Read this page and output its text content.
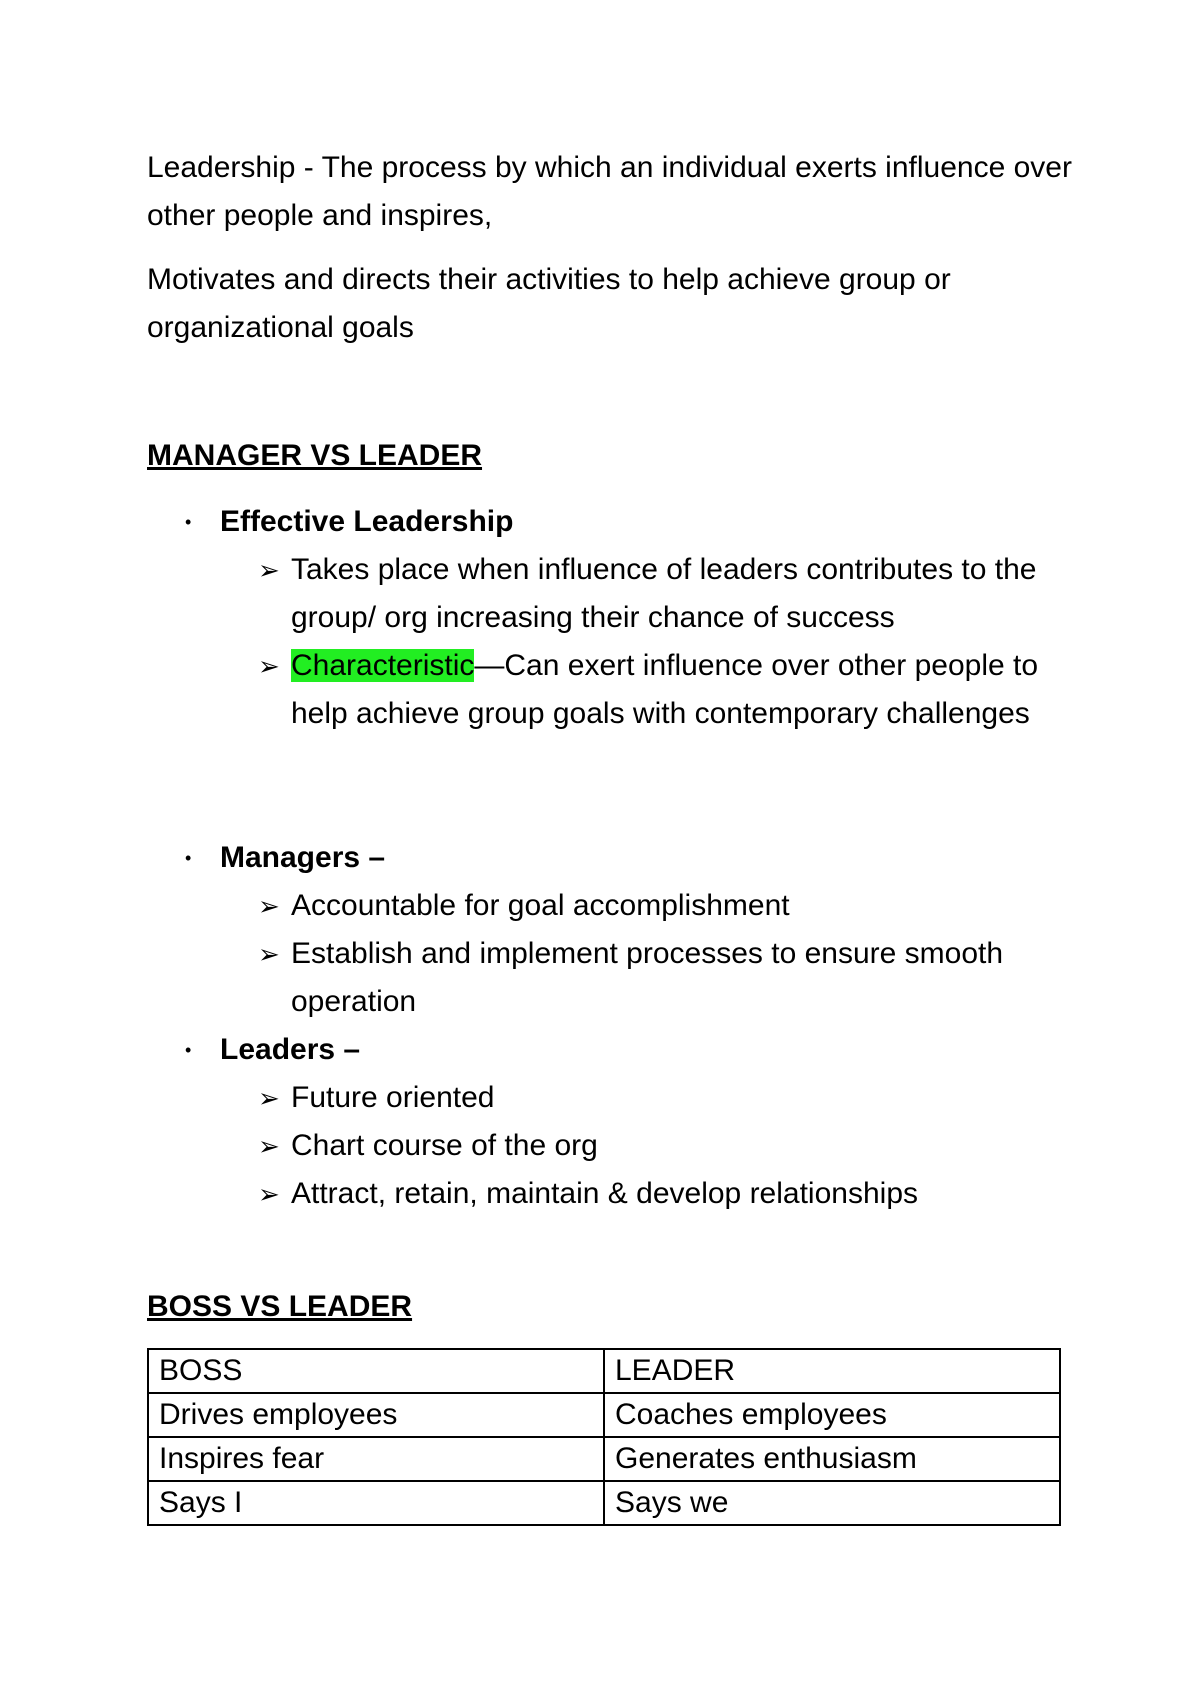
Leadership - The process by which an individual exerts influence over other people and inspires,
Motivates and directs their activities to help achieve group or organizational goals
MANAGER VS LEADER
• Effective Leadership
➢ Takes place when influence of leaders contributes to the group/ org increasing their chance of success
➢ Characteristic—Can exert influence over other people to help achieve group goals with contemporary challenges
• Managers –
➢ Accountable for goal accomplishment
➢ Establish and implement processes to ensure smooth operation
• Leaders –
➢ Future oriented
➢ Chart course of the org
➢ Attract, retain, maintain & develop relationships
BOSS VS LEADER
BOSS	LEADER
Drives employees	Coaches employees
Inspires fear	Generates enthusiasm
Says I	Says we
